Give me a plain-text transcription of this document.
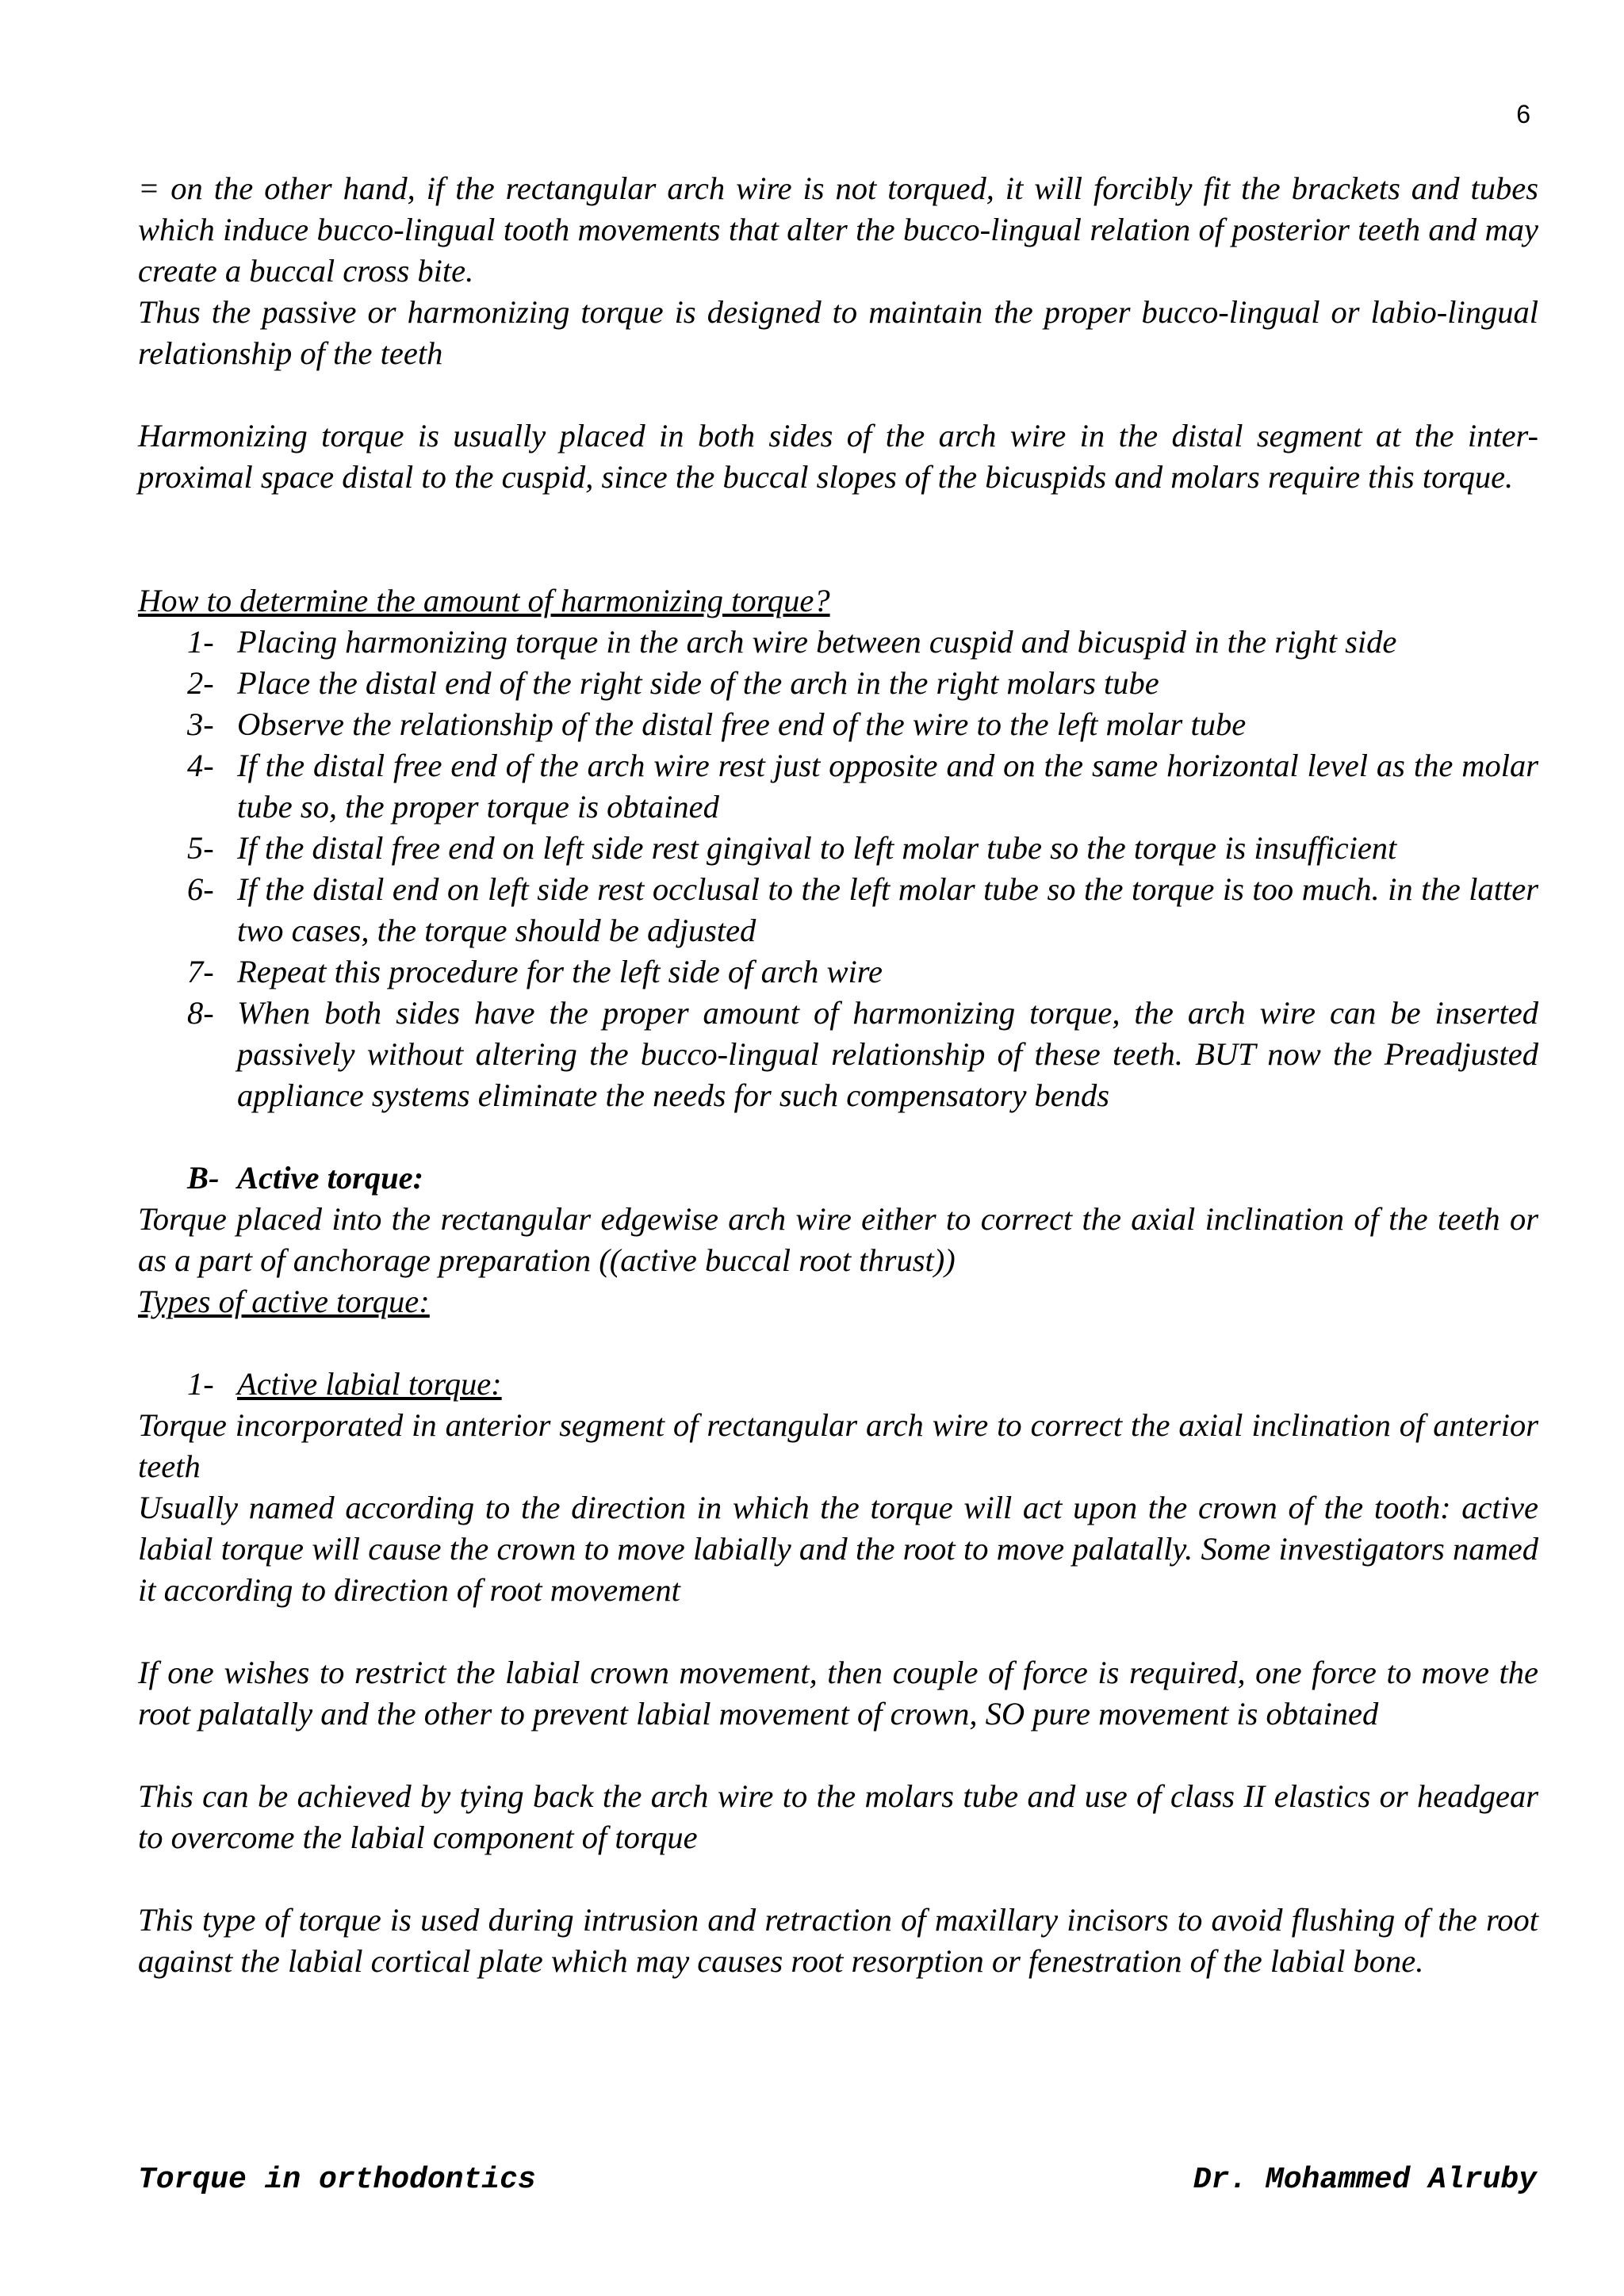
6

= on the other hand, if the rectangular arch wire is not torqued, it will forcibly fit the brackets and tubes which induce bucco-lingual tooth movements that alter the bucco-lingual relation of posterior teeth and may create a buccal cross bite.

Thus the passive or harmonizing torque is designed to maintain the proper bucco-lingual or labio-lingual relationship of the teeth

Harmonizing torque is usually placed in both sides of the arch wire in the distal segment at the inter-proximal space distal to the cuspid, since the buccal slopes of the bicuspids and molars require this torque.

How to determine the amount of harmonizing torque?

1- Placing harmonizing torque in the arch wire between cuspid and bicuspid in the right side
2- Place the distal end of the right side of the arch in the right molars tube
3- Observe the relationship of the distal free end of the wire to the left molar tube
4- If the distal free end of the arch wire rest just opposite and on the same horizontal level as the molar tube so, the proper torque is obtained
5- If the distal free end on left side rest gingival to left molar tube so the torque is insufficient
6- If the distal end on left side rest occlusal to the left molar tube so the torque is too much. in the latter two cases, the torque should be adjusted
7- Repeat this procedure for the left side of arch wire
8- When both sides have the proper amount of harmonizing torque, the arch wire can be inserted passively without altering the bucco-lingual relationship of these teeth. BUT now the Preadjusted appliance systems eliminate the needs for such compensatory bends

B- Active torque:

Torque placed into the rectangular edgewise arch wire either to correct the axial inclination of the teeth or as a part of anchorage preparation ((active buccal root thrust))

Types of active torque:

1- Active labial torque:

Torque incorporated in anterior segment of rectangular arch wire to correct the axial inclination of anterior teeth

Usually named according to the direction in which the torque will act upon the crown of the tooth: active labial torque will cause the crown to move labially and the root to move palatally. Some investigators named it according to direction of root movement

If one wishes to restrict the labial crown movement, then couple of force is required, one force to move the root palatally and the other to prevent labial movement of crown, SO pure movement is obtained

This can be achieved by tying back the arch wire to the molars tube and use of class II elastics or headgear to overcome the labial component of torque

This type of torque is used during intrusion and retraction of maxillary incisors to avoid flushing of the root against the labial cortical plate which may causes root resorption or fenestration of the labial bone.

Torque in orthodontics	Dr. Mohammed Alruby
